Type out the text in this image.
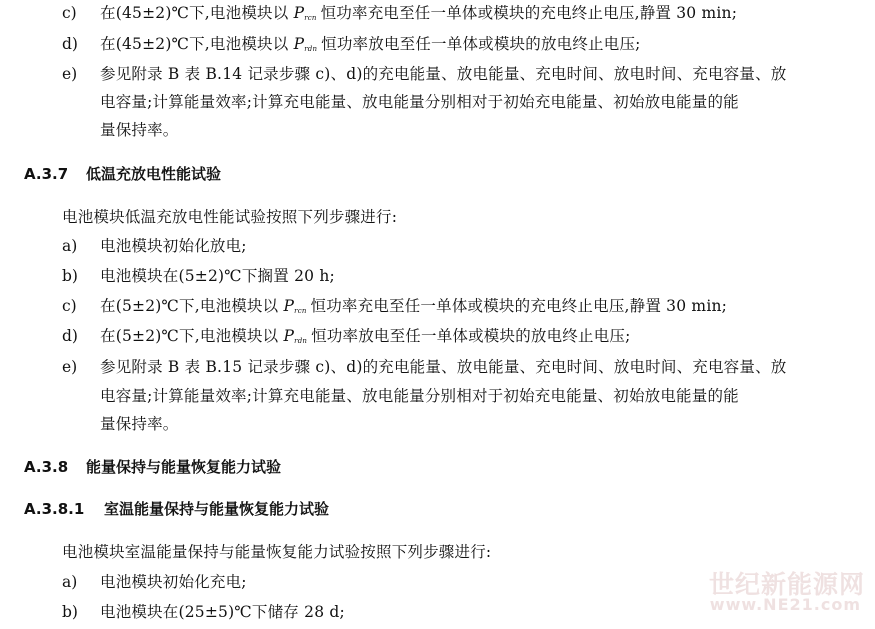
c) 在(45±2)℃下,电池模块以 Prcn 恒功率充电至任一单体或模块的充电终止电压,静置 30 min;
d) 在(45±2)℃下,电池模块以 Prdn 恒功率放电至任一单体或模块的放电终止电压;
e) 参见附录 B 表 B.14 记录步骤 c)、d)的充电能量、放电能量、充电时间、放电时间、充电容量、放
电容量;计算能量效率;计算充电能量、放电能量分别相对于初始充电能量、初始放电能量的能
量保持率。
A.3.7 低温充放电性能试验
电池模块低温充放电性能试验按照下列步骤进行:
a) 电池模块初始化放电;
b) 电池模块在(5±2)℃下搁置 20 h;
c) 在(5±2)℃下,电池模块以 Prcn 恒功率充电至任一单体或模块的充电终止电压,静置 30 min;
d) 在(5±2)℃下,电池模块以 Prdn 恒功率放电至任一单体或模块的放电终止电压;
e) 参见附录 B 表 B.15 记录步骤 c)、d)的充电能量、放电能量、充电时间、放电时间、充电容量、放
电容量;计算能量效率;计算充电能量、放电能量分别相对于初始充电能量、初始放电能量的能
量保持率。
A.3.8 能量保持与能量恢复能力试验
A.3.8.1 室温能量保持与能量恢复能力试验
电池模块室温能量保持与能量恢复能力试验按照下列步骤进行:
a) 电池模块初始化充电;
b) 电池模块在(25±5)℃下储存 28 d;
世纪新能源网
www.NE21.com
